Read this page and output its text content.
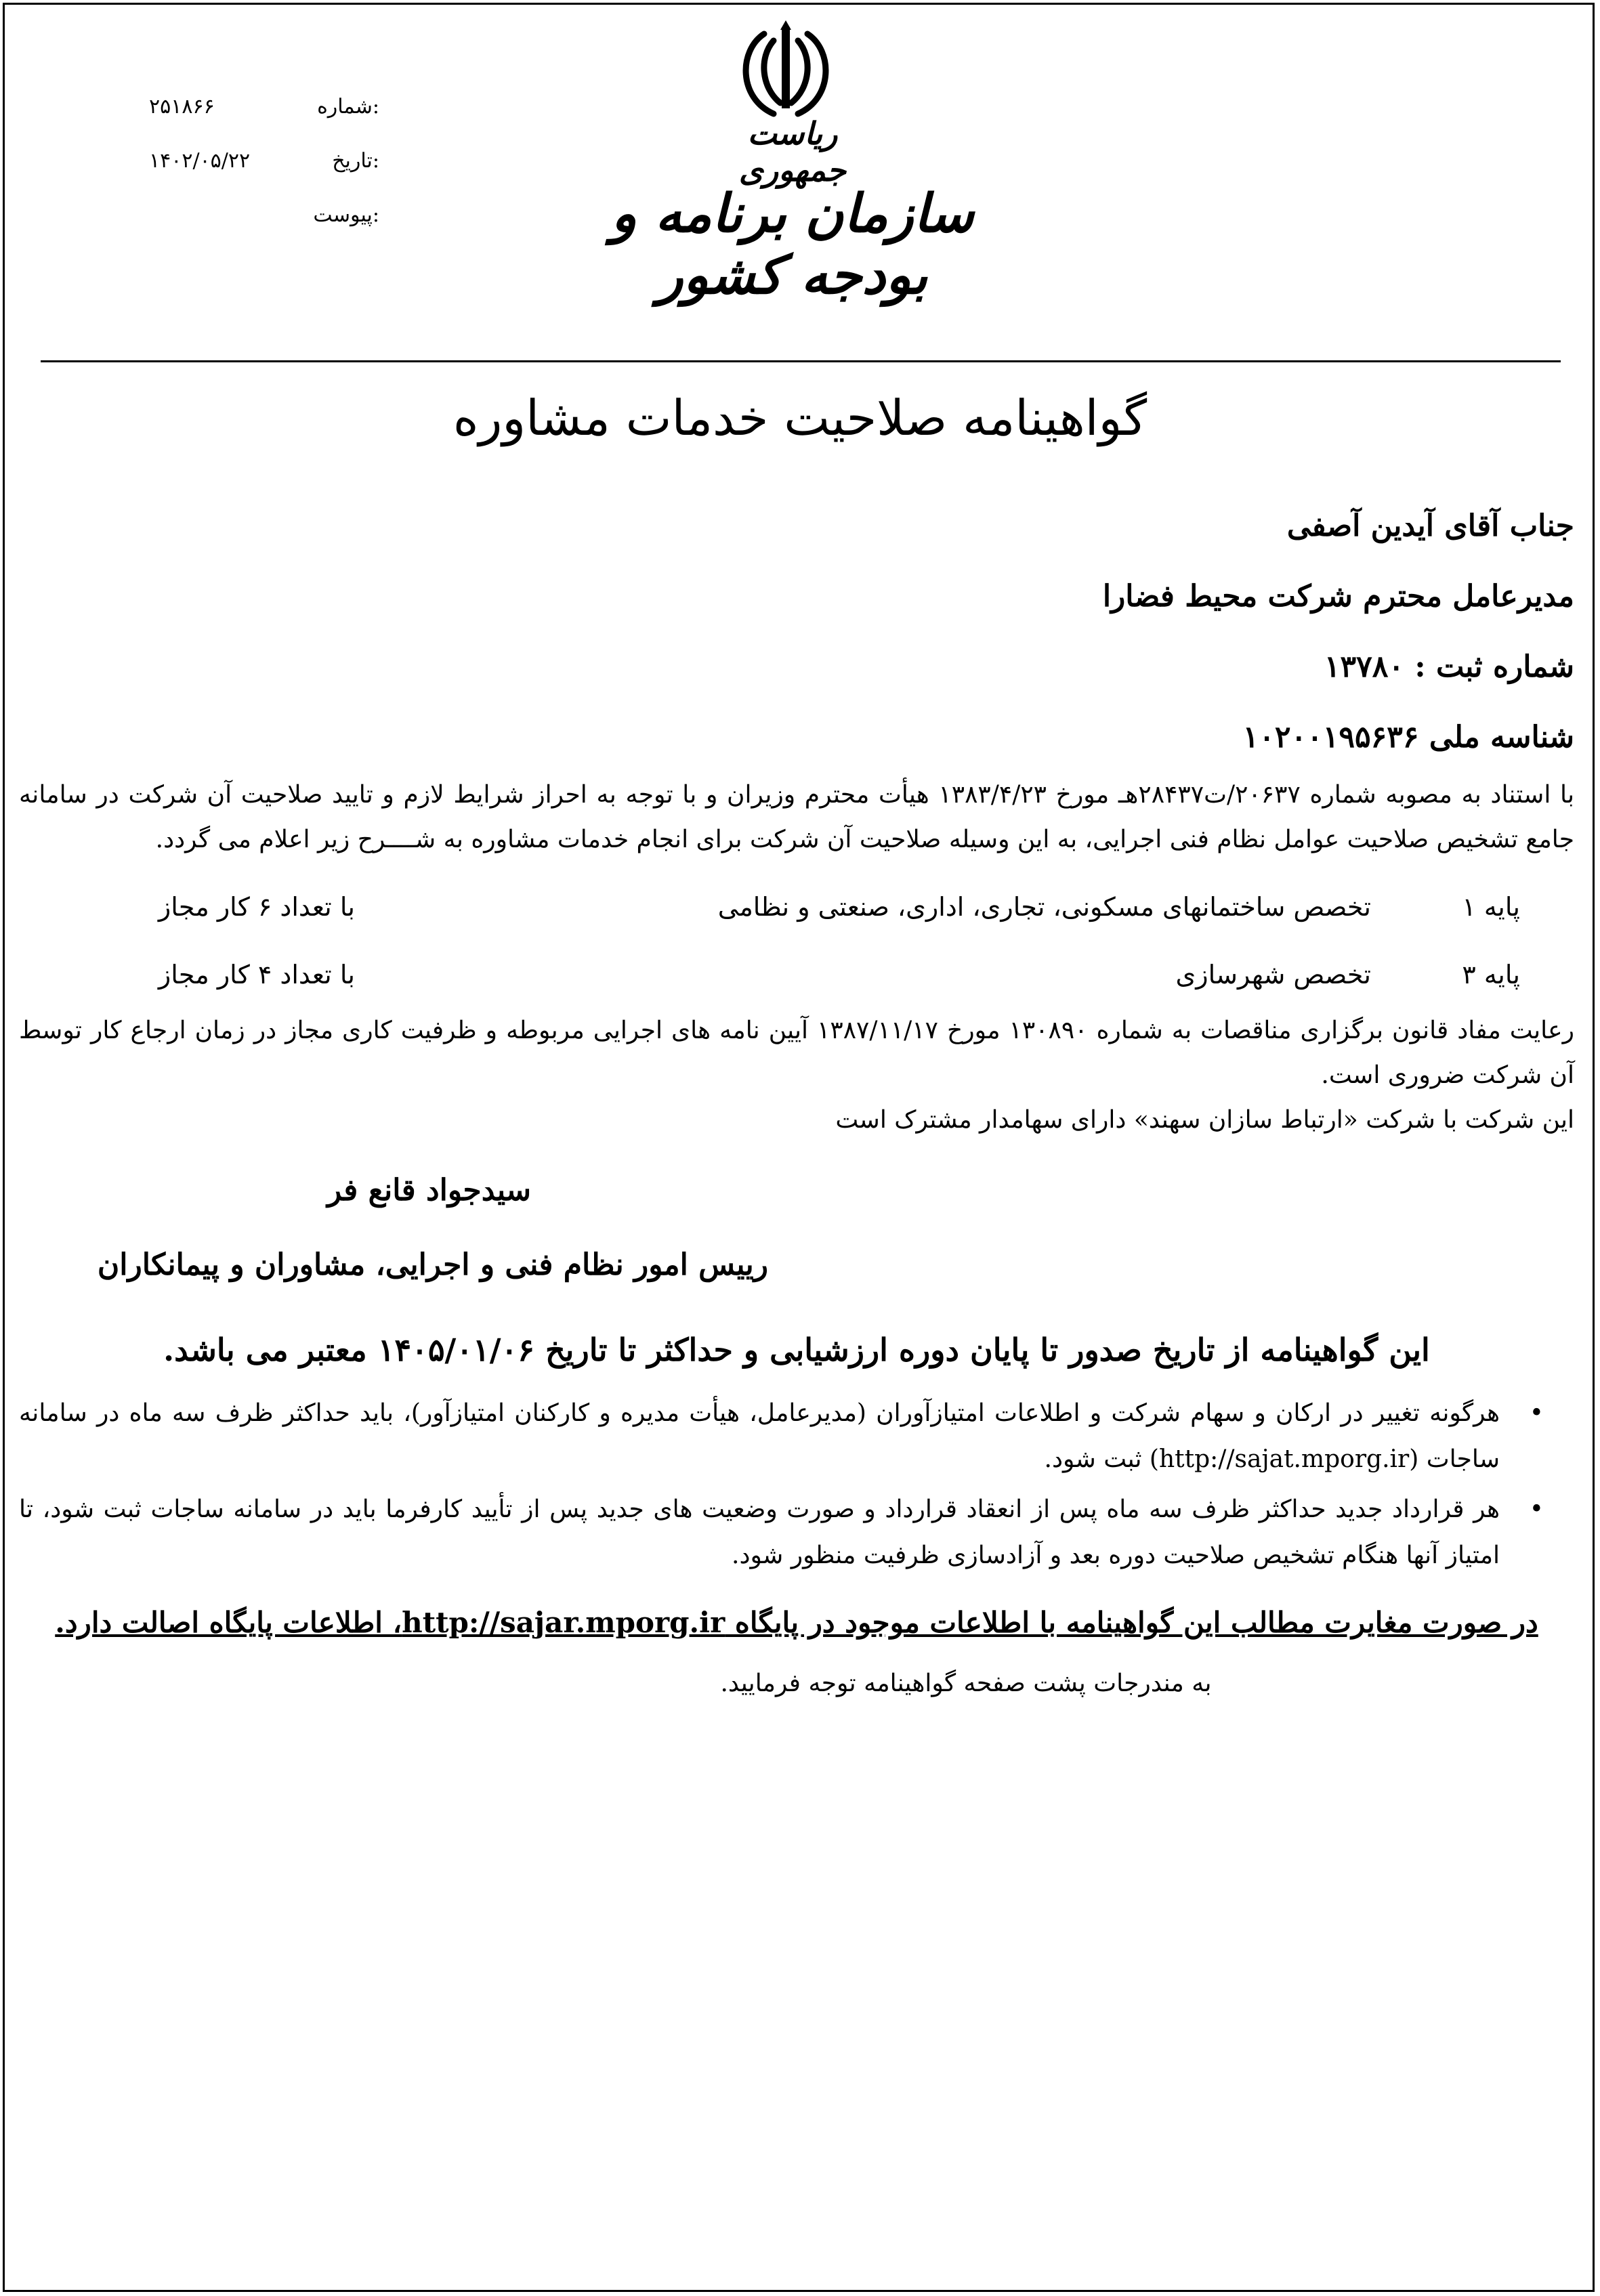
شماره:
۲۵۱۸۶۶
تاریخ:
۱۴۰۲/۰۵/۲۲
پیوست:
ریاست جمهوری
سازمان برنامه و بودجه کشور
گواهینامه صلاحیت خدمات مشاوره
جناب آقای آیدین آصفی
مدیرعامل محترم شرکت محیط فضارا
شماره ثبت : ۱۳۷۸۰
شناسه ملی ۱۰۲۰۰۱۹۵۶۳۶
با استناد به مصوبه شماره ۲۰۶۳۷/ت۲۸۴۳۷هـ مورخ ۱۳۸۳/۴/۲۳ هیأت محترم وزیران و با توجه به احراز شرایط لازم و تایید صلاحیت آن شرکت در سامانه جامع تشخیص صلاحیت عوامل نظام فنی اجرایی، به این وسیله صلاحیت آن شرکت برای انجام خدمات مشاوره به شــــرح زیر اعلام می گردد.
پایه ۱
تخصص ساختمانهای مسکونی، تجاری، اداری، صنعتی و نظامی
با تعداد ۶ کار مجاز
پایه ۳
تخصص شهرسازی
با تعداد ۴ کار مجاز
رعایت مفاد قانون برگزاری مناقصات به شماره ۱۳۰۸۹۰ مورخ ۱۳۸۷/۱۱/۱۷ آیین نامه های اجرایی مربوطه و ظرفیت کاری مجاز در زمان ارجاع کار توسط آن شرکت ضروری است.
این شرکت با شرکت «ارتباط سازان سهند» دارای سهامدار مشترک است
سیدجواد قانع فر
رییس امور نظام فنی و اجرایی، مشاوران و پیمانکاران
این گواهینامه از تاریخ صدور تا پایان دوره ارزشیابی و حداکثر تا تاریخ ۱۴۰۵/۰۱/۰۶ معتبر می باشد.
•
هرگونه تغییر در ارکان و سهام شرکت و اطلاعات امتیازآوران (مدیرعامل، هیأت مدیره و کارکنان امتیازآور)، باید حداکثر ظرف سه ماه در سامانه ساجات (http://sajat.mporg.ir) ثبت شود.
•
هر قرارداد جدید حداکثر ظرف سه ماه پس از انعقاد قرارداد و صورت وضعیت های جدید پس از تأیید کارفرما باید در سامانه ساجات ثبت شود، تا امتیاز آنها هنگام تشخیص صلاحیت دوره بعد و آزادسازی ظرفیت منظور شود.
در صورت مغایرت مطالب این گواهینامه با اطلاعات موجود در پایگاه http://sajar.mporg.ir، اطلاعات پایگاه اصالت دارد.
به مندرجات پشت صفحه گواهینامه توجه فرمایید.
